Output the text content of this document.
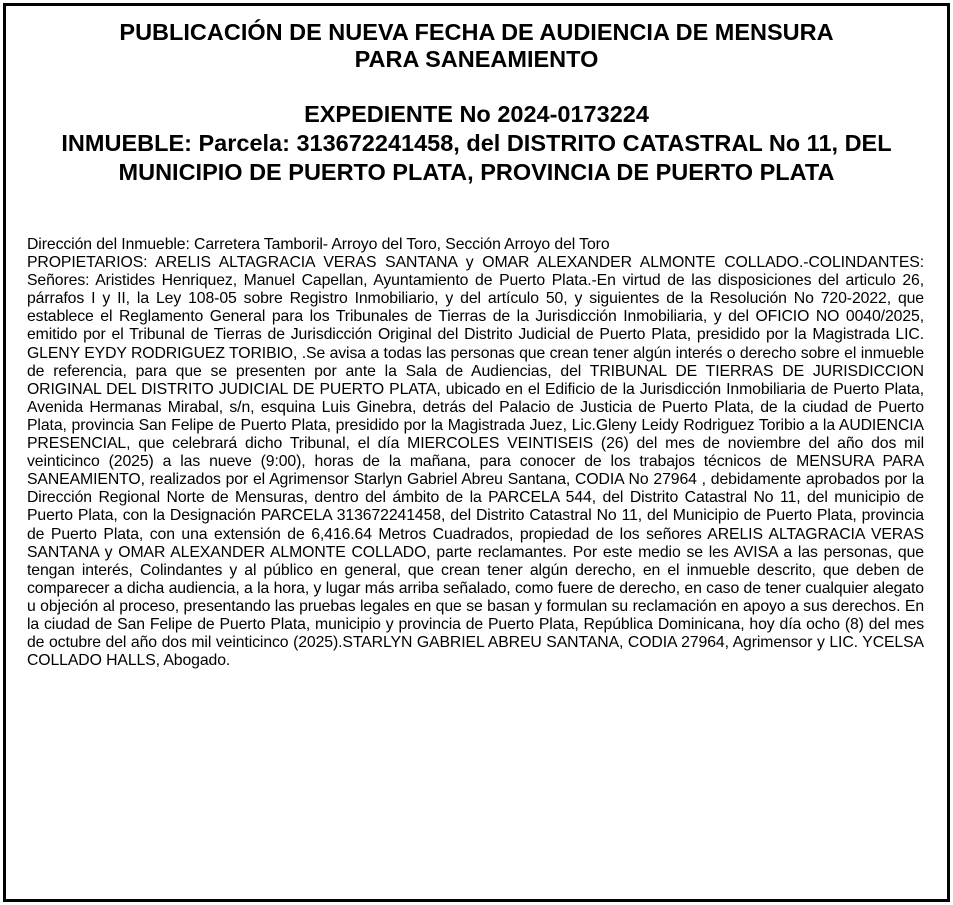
PUBLICACIÓN DE NUEVA FECHA DE AUDIENCIA DE MENSURA
PARA SANEAMIENTO
EXPEDIENTE No 2024-0173224
INMUEBLE: Parcela: 313672241458, del DISTRITO CATASTRAL No 11, DEL MUNICIPIO DE PUERTO PLATA, PROVINCIA DE PUERTO PLATA

Dirección del Inmueble: Carretera Tamboril- Arroyo del Toro, Sección Arroyo del Toro

PROPIETARIOS: ARELIS ALTAGRACIA VERAS SANTANA y OMAR ALEXANDER ALMONTE COLLADO.-COLINDANTES: Señores: Aristides Henriquez, Manuel Capellan, Ayuntamiento de Puerto Plata.-En virtud de las disposiciones del articulo 26, párrafos I y II, la Ley 108-05 sobre Registro Inmobiliario, y del artículo 50, y siguientes de la Resolución No 720-2022, que establece el Reglamento General para los Tribunales de Tierras de la Jurisdicción Inmobiliaria, y del OFICIO NO 0040/2025, emitido por el Tribunal de Tierras de Jurisdicción Original del Distrito Judicial de Puerto Plata, presidido por la Magistrada LIC. GLENY EYDY RODRIGUEZ TORIBIO, .Se avisa a todas las personas que crean tener algún interés o derecho sobre el inmueble de referencia, para que se presenten por ante la Sala de Audiencias, del TRIBUNAL DE TIERRAS DE JURISDICCION ORIGINAL DEL DISTRITO JUDICIAL DE PUERTO PLATA, ubicado en el Edificio de la Jurisdicción Inmobiliaria de Puerto Plata, Avenida Hermanas Mirabal, s/n, esquina Luis Ginebra, detrás del Palacio de Justicia de Puerto Plata, de la ciudad de Puerto Plata, provincia San Felipe de Puerto Plata, presidido por la Magistrada Juez, Lic.Gleny Leidy Rodriguez Toribio a la AUDIENCIA PRESENCIAL, que celebrará dicho Tribunal, el día MIERCOLES VEINTISEIS (26) del mes de noviembre del año dos mil veinticinco (2025) a las nueve (9:00), horas de la mañana, para conocer de los trabajos técnicos de MENSURA PARA SANEAMIENTO, realizados por el Agrimensor Starlyn Gabriel Abreu Santana, CODIA No 27964 , debidamente aprobados por la Dirección Regional Norte de Mensuras, dentro del ámbito de la PARCELA 544, del Distrito Catastral No 11, del municipio de Puerto Plata, con la Designación PARCELA 313672241458, del Distrito Catastral No 11, del Municipio de Puerto Plata, provincia de Puerto Plata, con una extensión de 6,416.64 Metros Cuadrados, propiedad de los señores ARELIS ALTAGRACIA VERAS SANTANA y OMAR ALEXANDER ALMONTE COLLADO, parte reclamantes. Por este medio se les AVISA a las personas, que tengan interés, Colindantes y al público en general, que crean tener algún derecho, en el inmueble descrito, que deben de comparecer a dicha audiencia, a la hora, y lugar más arriba señalado, como fuere de derecho, en caso de tener cualquier alegato u objeción al proceso, presentando las pruebas legales en que se basan y formulan su reclamación en apoyo a sus derechos. En la ciudad de San Felipe de Puerto Plata, municipio y provincia de Puerto Plata, República Dominicana, hoy día ocho (8) del mes de octubre del año dos mil veinticinco (2025).STARLYN GABRIEL ABREU SANTANA, CODIA 27964, Agrimensor y LIC. YCELSA COLLADO HALLS, Abogado.
